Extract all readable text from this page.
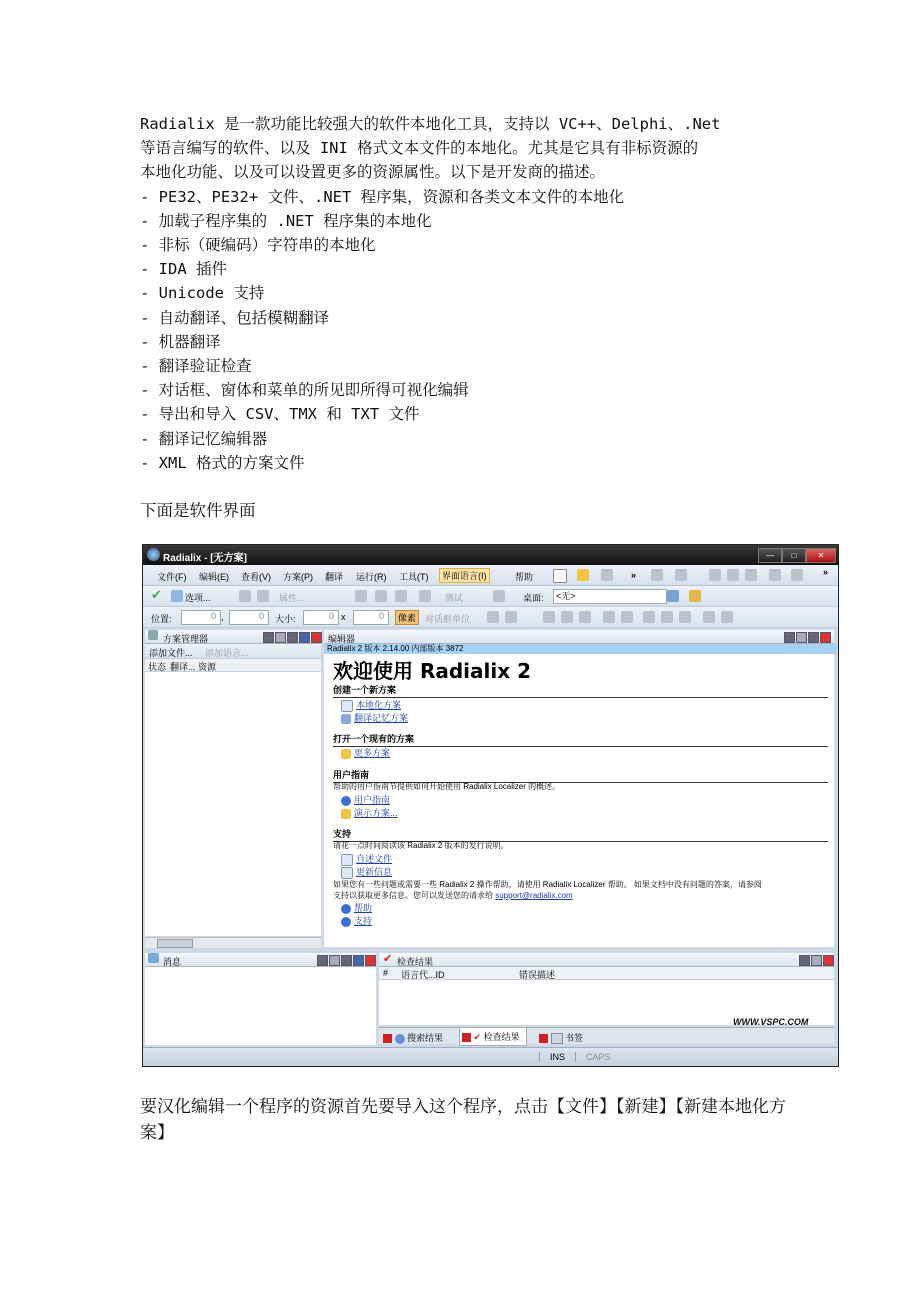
Radialix 是一款功能比较强大的软件本地化工具，支持以 VC++、Delphi、.Net

等语言编写的软件、以及 INI 格式文本文件的本地化。尤其是它具有非标资源的

本地化功能、以及可以设置更多的资源属性。以下是开发商的描述。

- PE32、PE32+ 文件、.NET 程序集，资源和各类文本文件的本地化

- 加载子程序集的 .NET 程序集的本地化

- 非标（硬编码）字符串的本地化

- IDA 插件

- Unicode 支持

- 自动翻译、包括模糊翻译

- 机器翻译

- 翻译验证检查

- 对话框、窗体和菜单的所见即所得可视化编辑

- 导出和导入 CSV、TMX 和 TXT 文件

- 翻译记忆编辑器

- XML 格式的方案文件

下面是软件界面
Radialix - [无方案]	—	□	✕
文件(F) 编辑(E) 查看(V) 方案(P) 翻译 运行(R) 工具(T)	界面语言(I)	帮助	»	»
✔	选项...	属性...	测试	桌面:	<无>
位置:	0 ,	0	大小:	0 x	0	像素 对话框单位
方案管理器
添加文件... 添加语言...
状态 翻译... 资源
编辑器
Radialix 2 版本 2.14.00 内部版本 3872
欢迎使用 Radialix 2
创建一个新方案
本地化方案
翻译记忆方案
打开一个现有的方案
更多方案
用户指南
帮助的用户指南节提供如何开始使用 Radialix Localizer 的概述。
用户指南
演示方案...
支持
请花一点时间阅读该 Radialix 2 版本的发行说明。
自述文件
更新信息
如果您有一些问题或需要一些 Radialix 2 操作帮助，请使用 Radialix Localizer 帮助。 如果文档中没有问题的答案，请参阅
支持以获取更多信息。您可以发送您的请求给 support@radialix.com
帮助
支持
消息	✔ 检查结果
# 语言代...ID	错误描述
WWW.VSPC.COM
搜索结果	✔ 检查结果	书签
INS	CAPS
要汉化编辑一个程序的资源首先要导入这个程序，点击【文件】【新建】【新建本地化方案】
